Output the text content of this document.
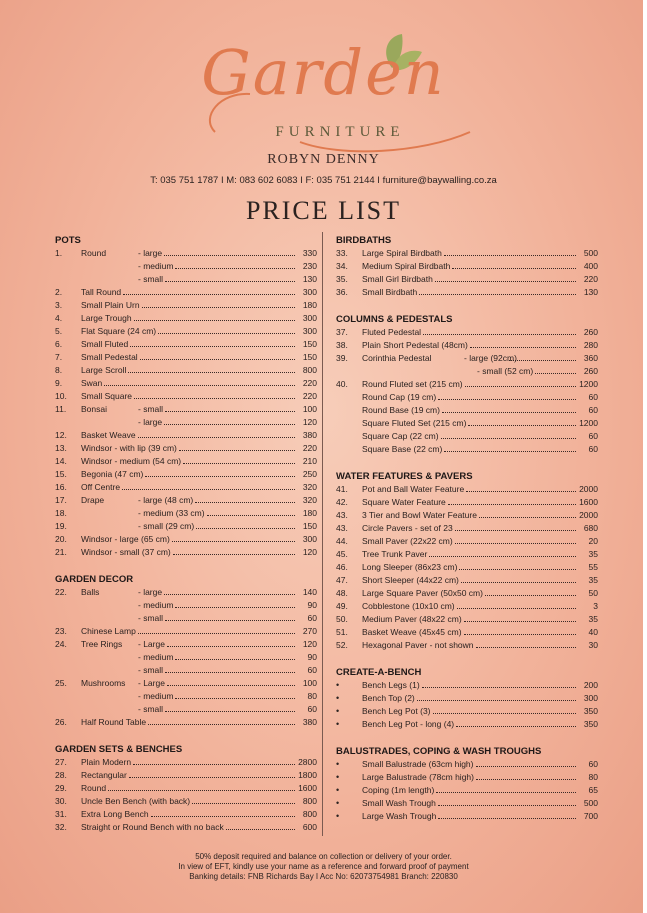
Garden
FURNITURE
ROBYN DENNY
T: 035 751 1787 I M: 083 602 6083 I F: 035 751 2144 I furniture@baywalling.co.za
PRICE LIST
POTS
1.	Round	- large	330
- medium	230
- small	130
2.	Tall Round	300
3.	Small Plain Urn	180
4.	Large Trough	300
5.	Flat Square (24 cm)	300
6.	Small Fluted	150
7.	Small Pedestal	150
8.	Large Scroll	800
9.	Swan	220
10.	Small Square	220
11.	Bonsai	- small	100
- large	120
12.	Basket Weave	380
13.	Windsor - with lip (39 cm)	220
14.	Windsor - medium (54 cm)	210
15.	Begonia (47 cm)	250
16.	Off Centre	320
17.	Drape	- large (48 cm)	320
18.	- medium (33 cm)	180
19.	- small (29 cm)	150
20.	Windsor - large (65 cm)	300
21.	Windsor - small (37 cm)	120
GARDEN DECOR
22.	Balls	- large	140
- medium	90
- small	60
23.	Chinese Lamp	270
24.	Tree Rings - Large	120
- medium	90
- small	60
25.	Mushrooms - Large	100
- medium	80
- small	60
26.	Half Round Table	380
GARDEN SETS & BENCHES
27.	Plain Modern	2800
28.	Rectangular	1800
29.	Round	1600
30.	Uncle Ben Bench (with back)	800
31.	Extra Long Bench	800
32.	Straight or Round Bench with no back	600
BIRDBATHS
33.	Large Spiral Birdbath	500
34.	Medium Spiral Birdbath	400
35.	Small Girl Birdbath	220
36.	Small Birdbath	130
COLUMNS & PEDESTALS
37.	Fluted Pedestal	260
38.	Plain Short Pedestal (48cm)	280
39.	Corinthia Pedestal	- large (92cm)	360
- small (52 cm)	260
40.	Round Fluted set (215 cm)	1200
Round Cap (19 cm)	60
Round Base (19 cm)	60
Square Fluted Set (215 cm)	1200
Square Cap (22 cm)	60
Square Base (22 cm)	60
WATER FEATURES & PAVERS
41.	Pot and Ball Water Feature	2000
42.	Square Water Feature	1600
43.	3 Tier and Bowl Water Feature	2000
43.	Circle Pavers - set of 23	680
44.	Small Paver (22x22 cm)	20
45.	Tree Trunk Paver	35
46.	Long Sleeper (86x23 cm)	55
47.	Short Sleeper (44x22 cm)	35
48.	Large Square Paver (50x50 cm)	50
49.	Cobblestone (10x10 cm)	3
50.	Medium Paver (48x22 cm)	35
51.	Basket Weave (45x45 cm)	40
52.	Hexagonal Paver - not shown	30
CREATE-A-BENCH
•	Bench Legs (1)	200
•	Bench Top (2)	300
•	Bench Leg Pot (3)	350
•	Bench Leg Pot - long (4)	350
BALUSTRADES, COPING & WASH TROUGHS
•	Small Balustrade (63cm high)	60
•	Large Balustrade (78cm high)	80
•	Coping (1m length)	65
•	Small Wash Trough	500
•	Large Wash Trough	700
50% deposit required and balance on collection or delivery of your order.
In view of EFT, kindly use your name as a reference and forward proof of payment
Banking details: FNB Richards Bay I Acc No: 62073754981 Branch: 220830
